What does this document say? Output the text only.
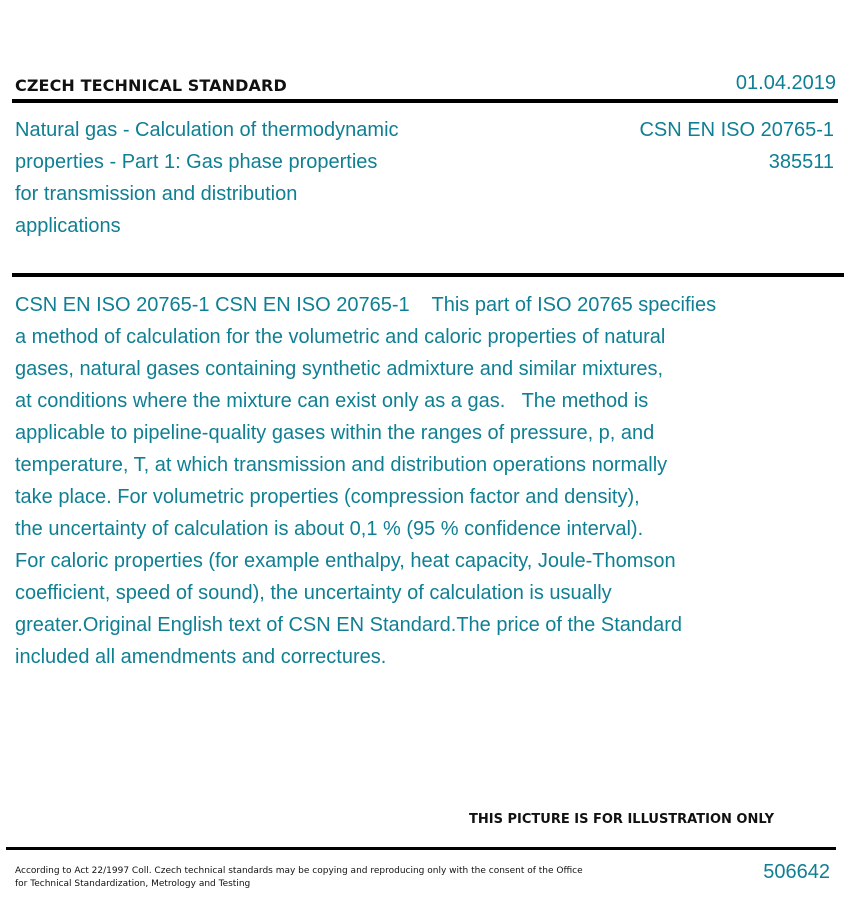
CZECH TECHNICAL STANDARD	01.04.2019
Natural gas - Calculation of thermodynamic
properties - Part 1: Gas phase properties
for transmission and distribution
applications
CSN EN ISO 20765-1
385511
CSN EN ISO 20765-1 CSN EN ISO 20765-1    This part of ISO 20765 specifies
a method of calculation for the volumetric and caloric properties of natural
gases, natural gases containing synthetic admixture and similar mixtures,
at conditions where the mixture can exist only as a gas.   The method is
applicable to pipeline-quality gases within the ranges of pressure, p, and
temperature, T, at which transmission and distribution operations normally
take place. For volumetric properties (compression factor and density),
the uncertainty of calculation is about 0,1 % (95 % confidence interval).
For caloric properties (for example enthalpy, heat capacity, Joule-Thomson
coefficient, speed of sound), the uncertainty of calculation is usually
greater.Original English text of CSN EN Standard.The price of the Standard
included all amendments and correctures.
THIS PICTURE IS FOR ILLUSTRATION ONLY
According to Act 22/1997 Coll. Czech technical standards may be copying and reproducing only with the consent of the Office
for Technical Standardization, Metrology and Testing
506642
